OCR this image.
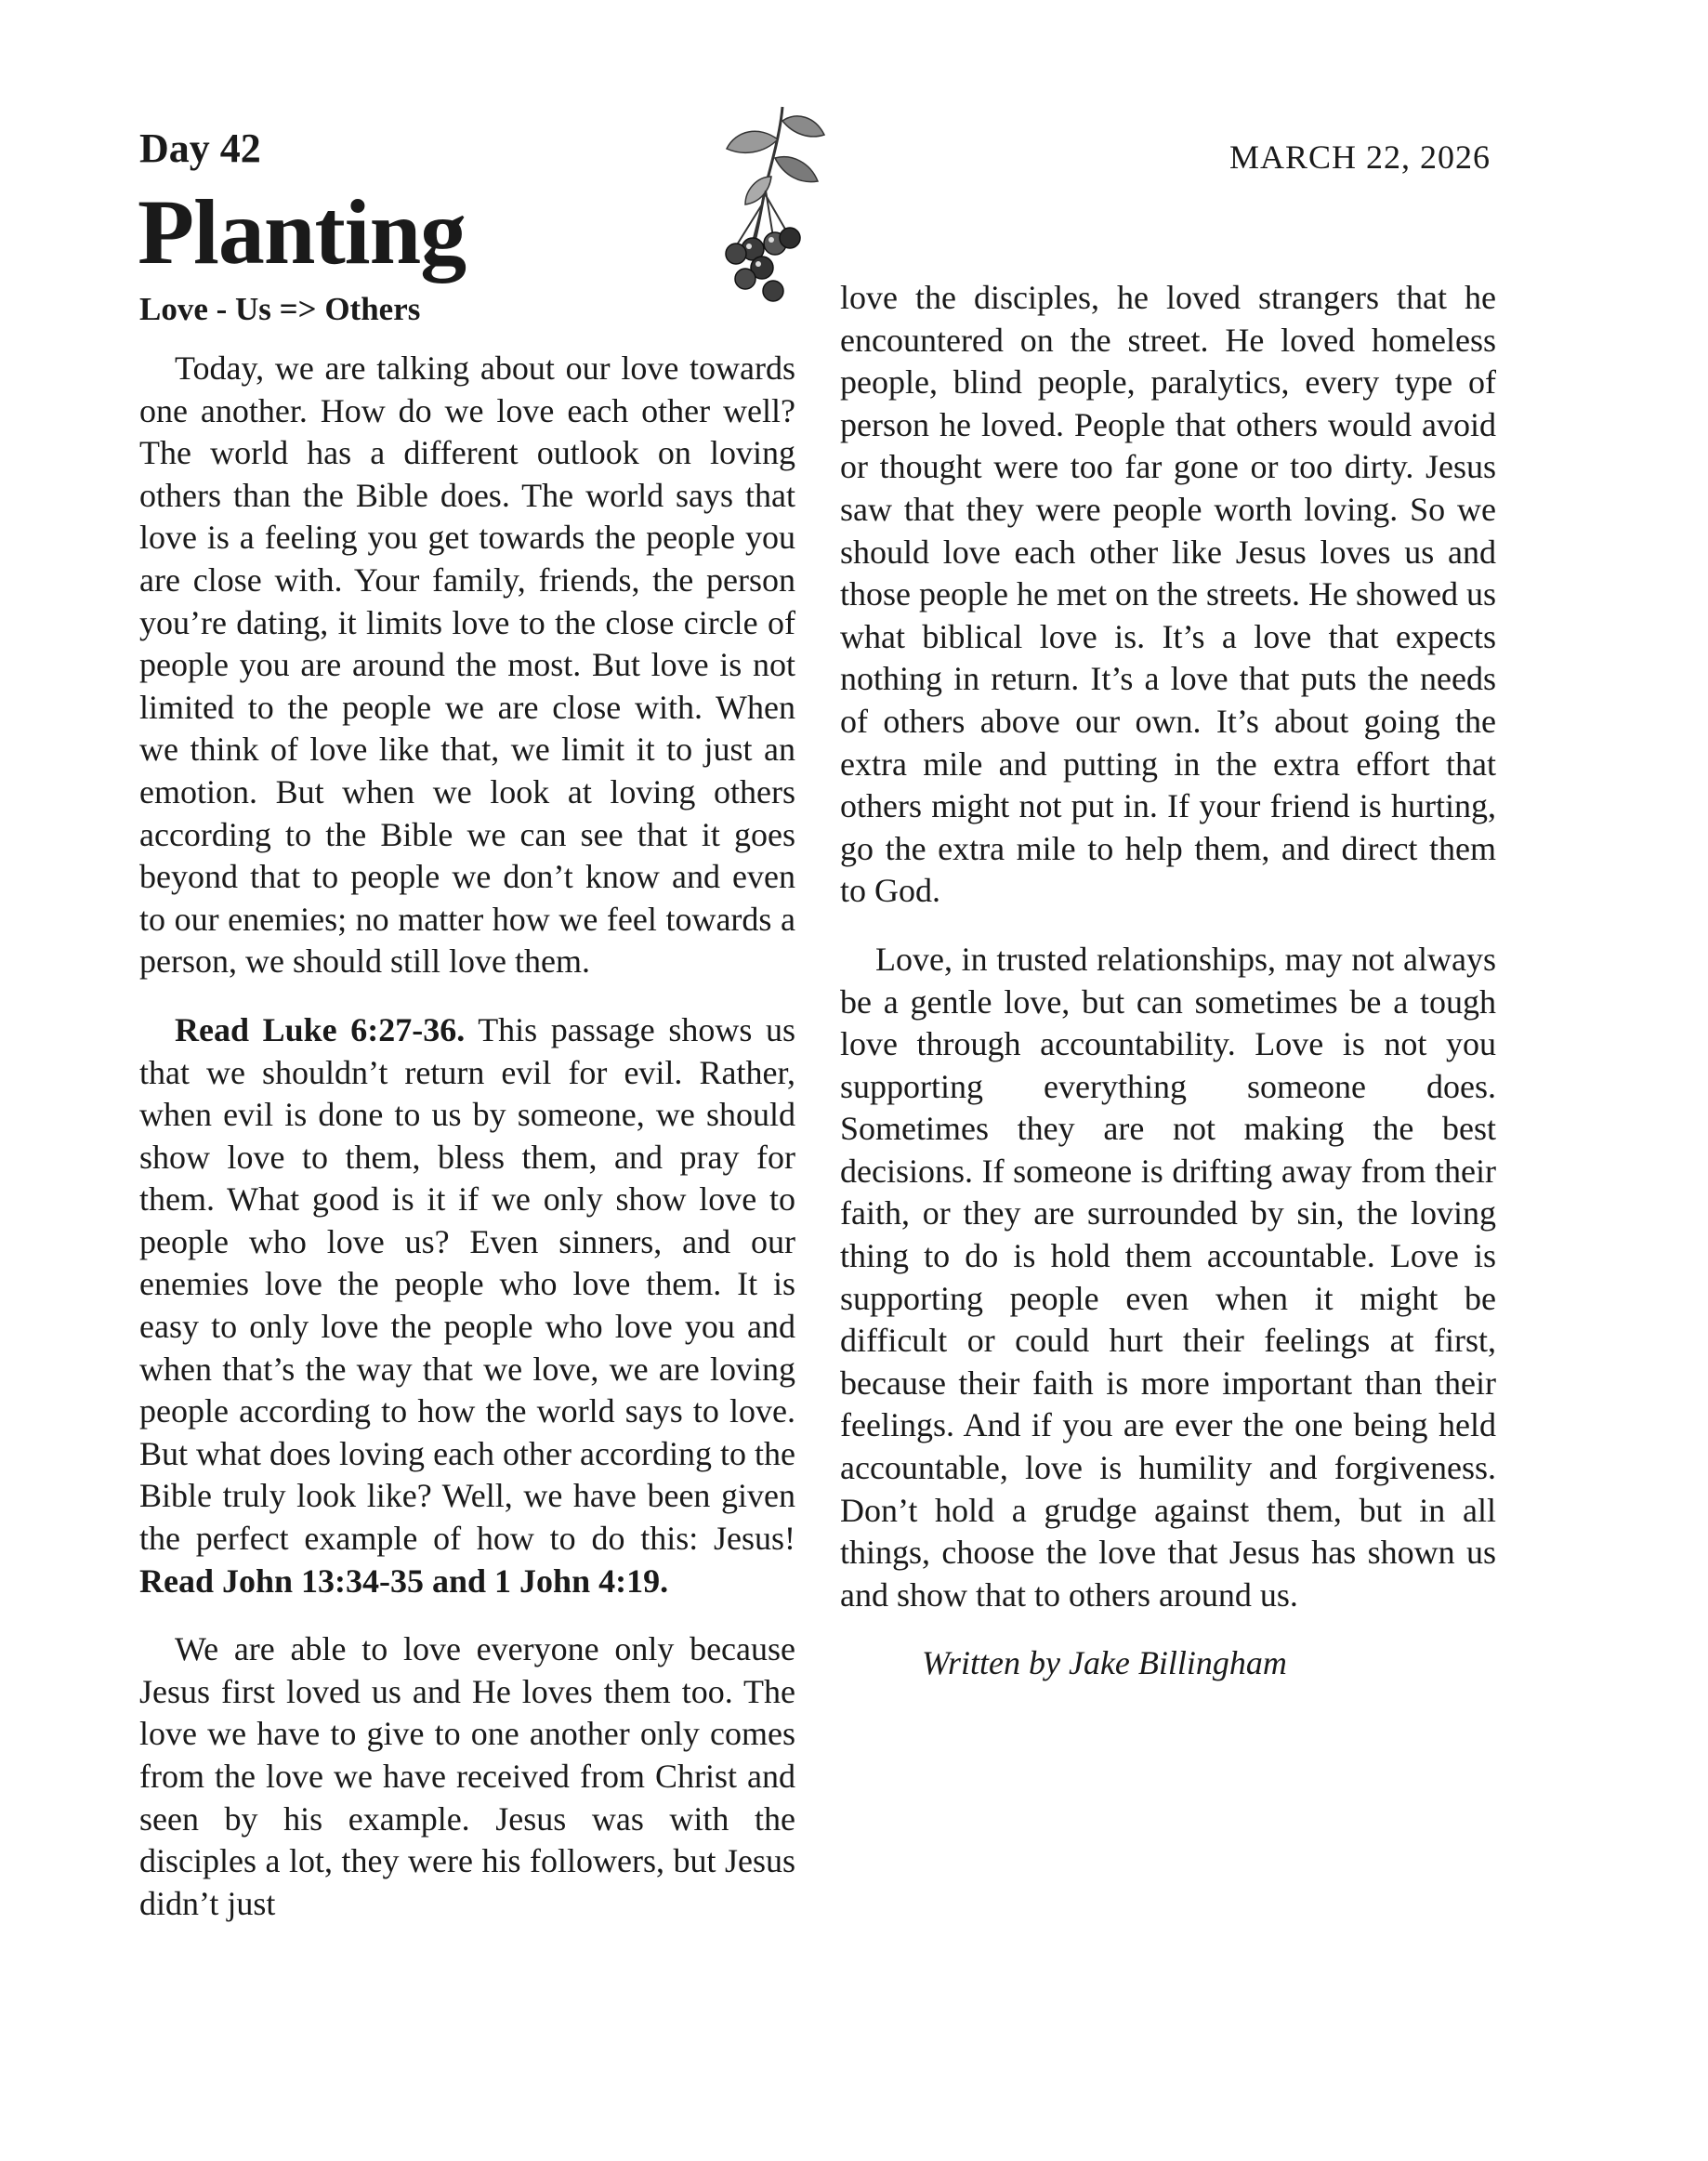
Day 42
Planting
MARCH 22, 2026
Love - Us => Others

Today, we are talking about our love towards one another. How do we love each other well? The world has a different outlook on loving others than the Bible does. The world says that love is a feeling you get towards the people you are close with. Your family, friends, the person you’re dating, it limits love to the close circle of people you are around the most. But love is not limited to the people we are close with. When we think of love like that, we limit it to just an emotion. But when we look at loving others according to the Bible we can see that it goes beyond that to people we don’t know and even to our enemies; no matter how we feel towards a person, we should still love them.

Read Luke 6:27-36. This passage shows us that we shouldn’t return evil for evil. Rather, when evil is done to us by someone, we should show love to them, bless them, and pray for them. What good is it if we only show love to people who love us? Even sinners, and our enemies love the people who love them. It is easy to only love the people who love you and when that’s the way that we love, we are loving people according to how the world says to love. But what does loving each other according to the Bible truly look like? Well, we have been given the perfect example of how to do this: Jesus! Read John 13:34-35 and 1 John 4:19.

We are able to love everyone only because Jesus first loved us and He loves them too. The love we have to give to one another only comes from the love we have received from Christ and seen by his example. Jesus was with the disciples a lot, they were his followers, but Jesus didn’t just

love the disciples, he loved strangers that he encountered on the street. He loved homeless people, blind people, paralytics, every type of person he loved. People that others would avoid or thought were too far gone or too dirty. Jesus saw that they were people worth loving. So we should love each other like Jesus loves us and those people he met on the streets. He showed us what biblical love is. It’s a love that expects nothing in return. It’s a love that puts the needs of others above our own. It’s about going the extra mile and putting in the extra effort that others might not put in. If your friend is hurting, go the extra mile to help them, and direct them to God.

Love, in trusted relationships, may not always be a gentle love, but can sometimes be a tough love through accountability. Love is not you supporting everything someone does. Sometimes they are not making the best decisions. If someone is drifting away from their faith, or they are surrounded by sin, the loving thing to do is hold them accountable. Love is supporting people even when it might be difficult or could hurt their feelings at first, because their faith is more important than their feelings. And if you are ever the one being held accountable, love is humility and forgiveness. Don’t hold a grudge against them, but in all things, choose the love that Jesus has shown us and show that to others around us.

Written by Jake Billingham
